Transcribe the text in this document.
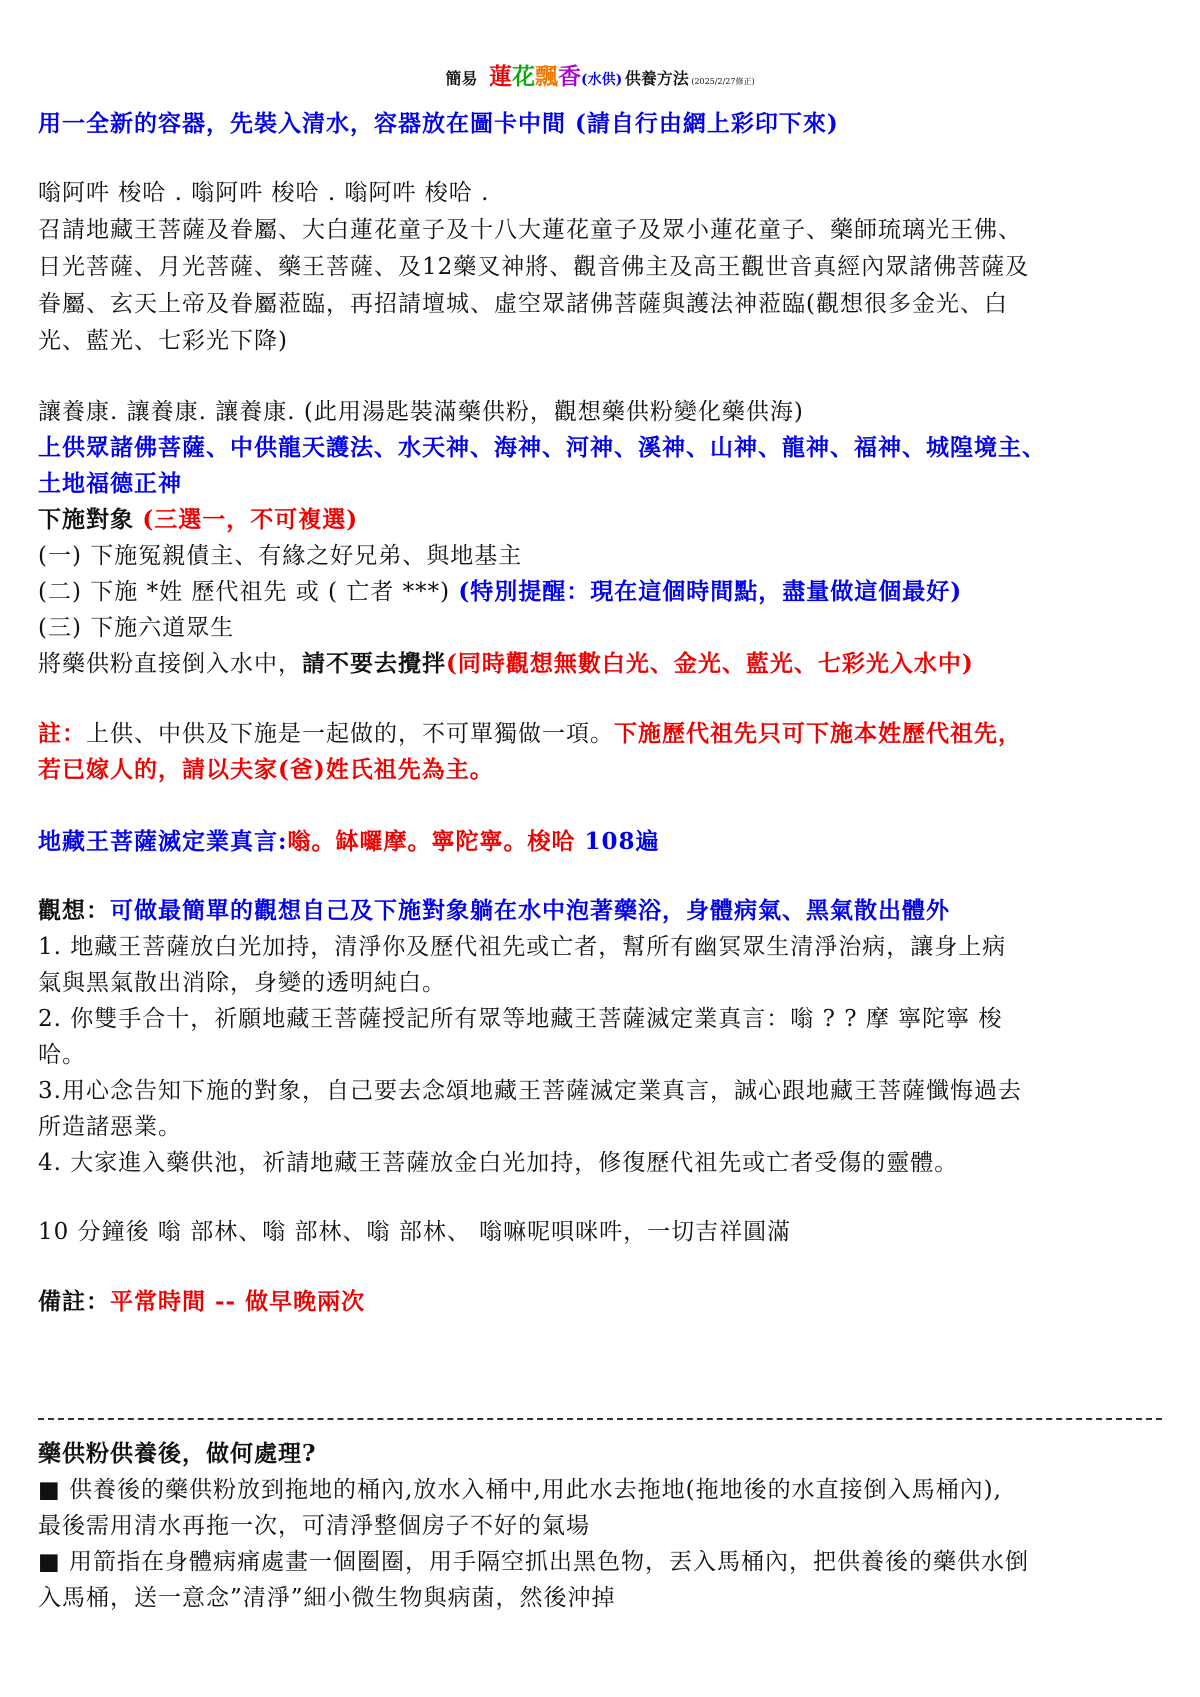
簡易 蓮花飄香(水供) 供養方法 (2025/2/27修正)
用一全新的容器，先裝入清水，容器放在圖卡中間 (請自行由網上彩印下來)
嗡阿吽 梭哈 . 嗡阿吽 梭哈 . 嗡阿吽 梭哈 .
召請地藏王菩薩及眷屬、大白蓮花童子及十八大蓮花童子及眾小蓮花童子、藥師琉璃光王佛、
日光菩薩、月光菩薩、藥王菩薩、及12藥叉神將、觀音佛主及高王觀世音真經內眾諸佛菩薩及
眷屬、玄天上帝及眷屬蒞臨，再招請壇城、虛空眾諸佛菩薩與護法神蒞臨(觀想很多金光、白
光、藍光、七彩光下降)
讓養康. 讓養康. 讓養康. (此用湯匙裝滿藥供粉，觀想藥供粉變化藥供海)
上供眾諸佛菩薩、中供龍天護法、水天神、海神、河神、溪神、山神、龍神、福神、城隍境主、
土地福德正神
下施對象 (三選一，不可複選)
(一) 下施冤親債主、有緣之好兄弟、與地基主
(二) 下施 *姓 歷代祖先 或 ( 亡者 ***) (特別提醒：現在這個時間點，盡量做這個最好)
(三) 下施六道眾生
將藥供粉直接倒入水中，請不要去攪拌(同時觀想無數白光、金光、藍光、七彩光入水中)
註：上供、中供及下施是一起做的，不可單獨做一項。下施歷代祖先只可下施本姓歷代祖先，
若已嫁人的，請以夫家(爸)姓氏祖先為主。
地藏王菩薩滅定業真言:嗡。缽囉摩。寧陀寧。梭哈 108遍
觀想：可做最簡單的觀想自己及下施對象躺在水中泡著藥浴，身體病氣、黑氣散出體外
1. 地藏王菩薩放白光加持，清淨你及歷代祖先或亡者，幫所有幽冥眾生清淨治病，讓身上病
氣與黑氣散出消除，身變的透明純白。
2. 你雙手合十，祈願地藏王菩薩授記所有眾等地藏王菩薩滅定業真言：嗡 ? ? 摩 寧陀寧 梭
哈。
3.用心念告知下施的對象，自己要去念頌地藏王菩薩滅定業真言，誠心跟地藏王菩薩懺悔過去
所造諸惡業。
4. 大家進入藥供池，祈請地藏王菩薩放金白光加持，修復歷代祖先或亡者受傷的靈體。
10 分鐘後 嗡 部林、嗡 部林、嗡 部林、 嗡嘛呢唄咪吽，一切吉祥圓滿
備註：平常時間 -- 做早晚兩次
藥供粉供養後，做何處理?
■ 供養後的藥供粉放到拖地的桶內,放水入桶中,用此水去拖地(拖地後的水直接倒入馬桶內),
最後需用清水再拖一次，可清淨整個房子不好的氣場
■ 用箭指在身體病痛處畫一個圈圈，用手隔空抓出黑色物，丟入馬桶內，把供養後的藥供水倒
入馬桶，送一意念”清淨”細小微生物與病菌，然後沖掉
